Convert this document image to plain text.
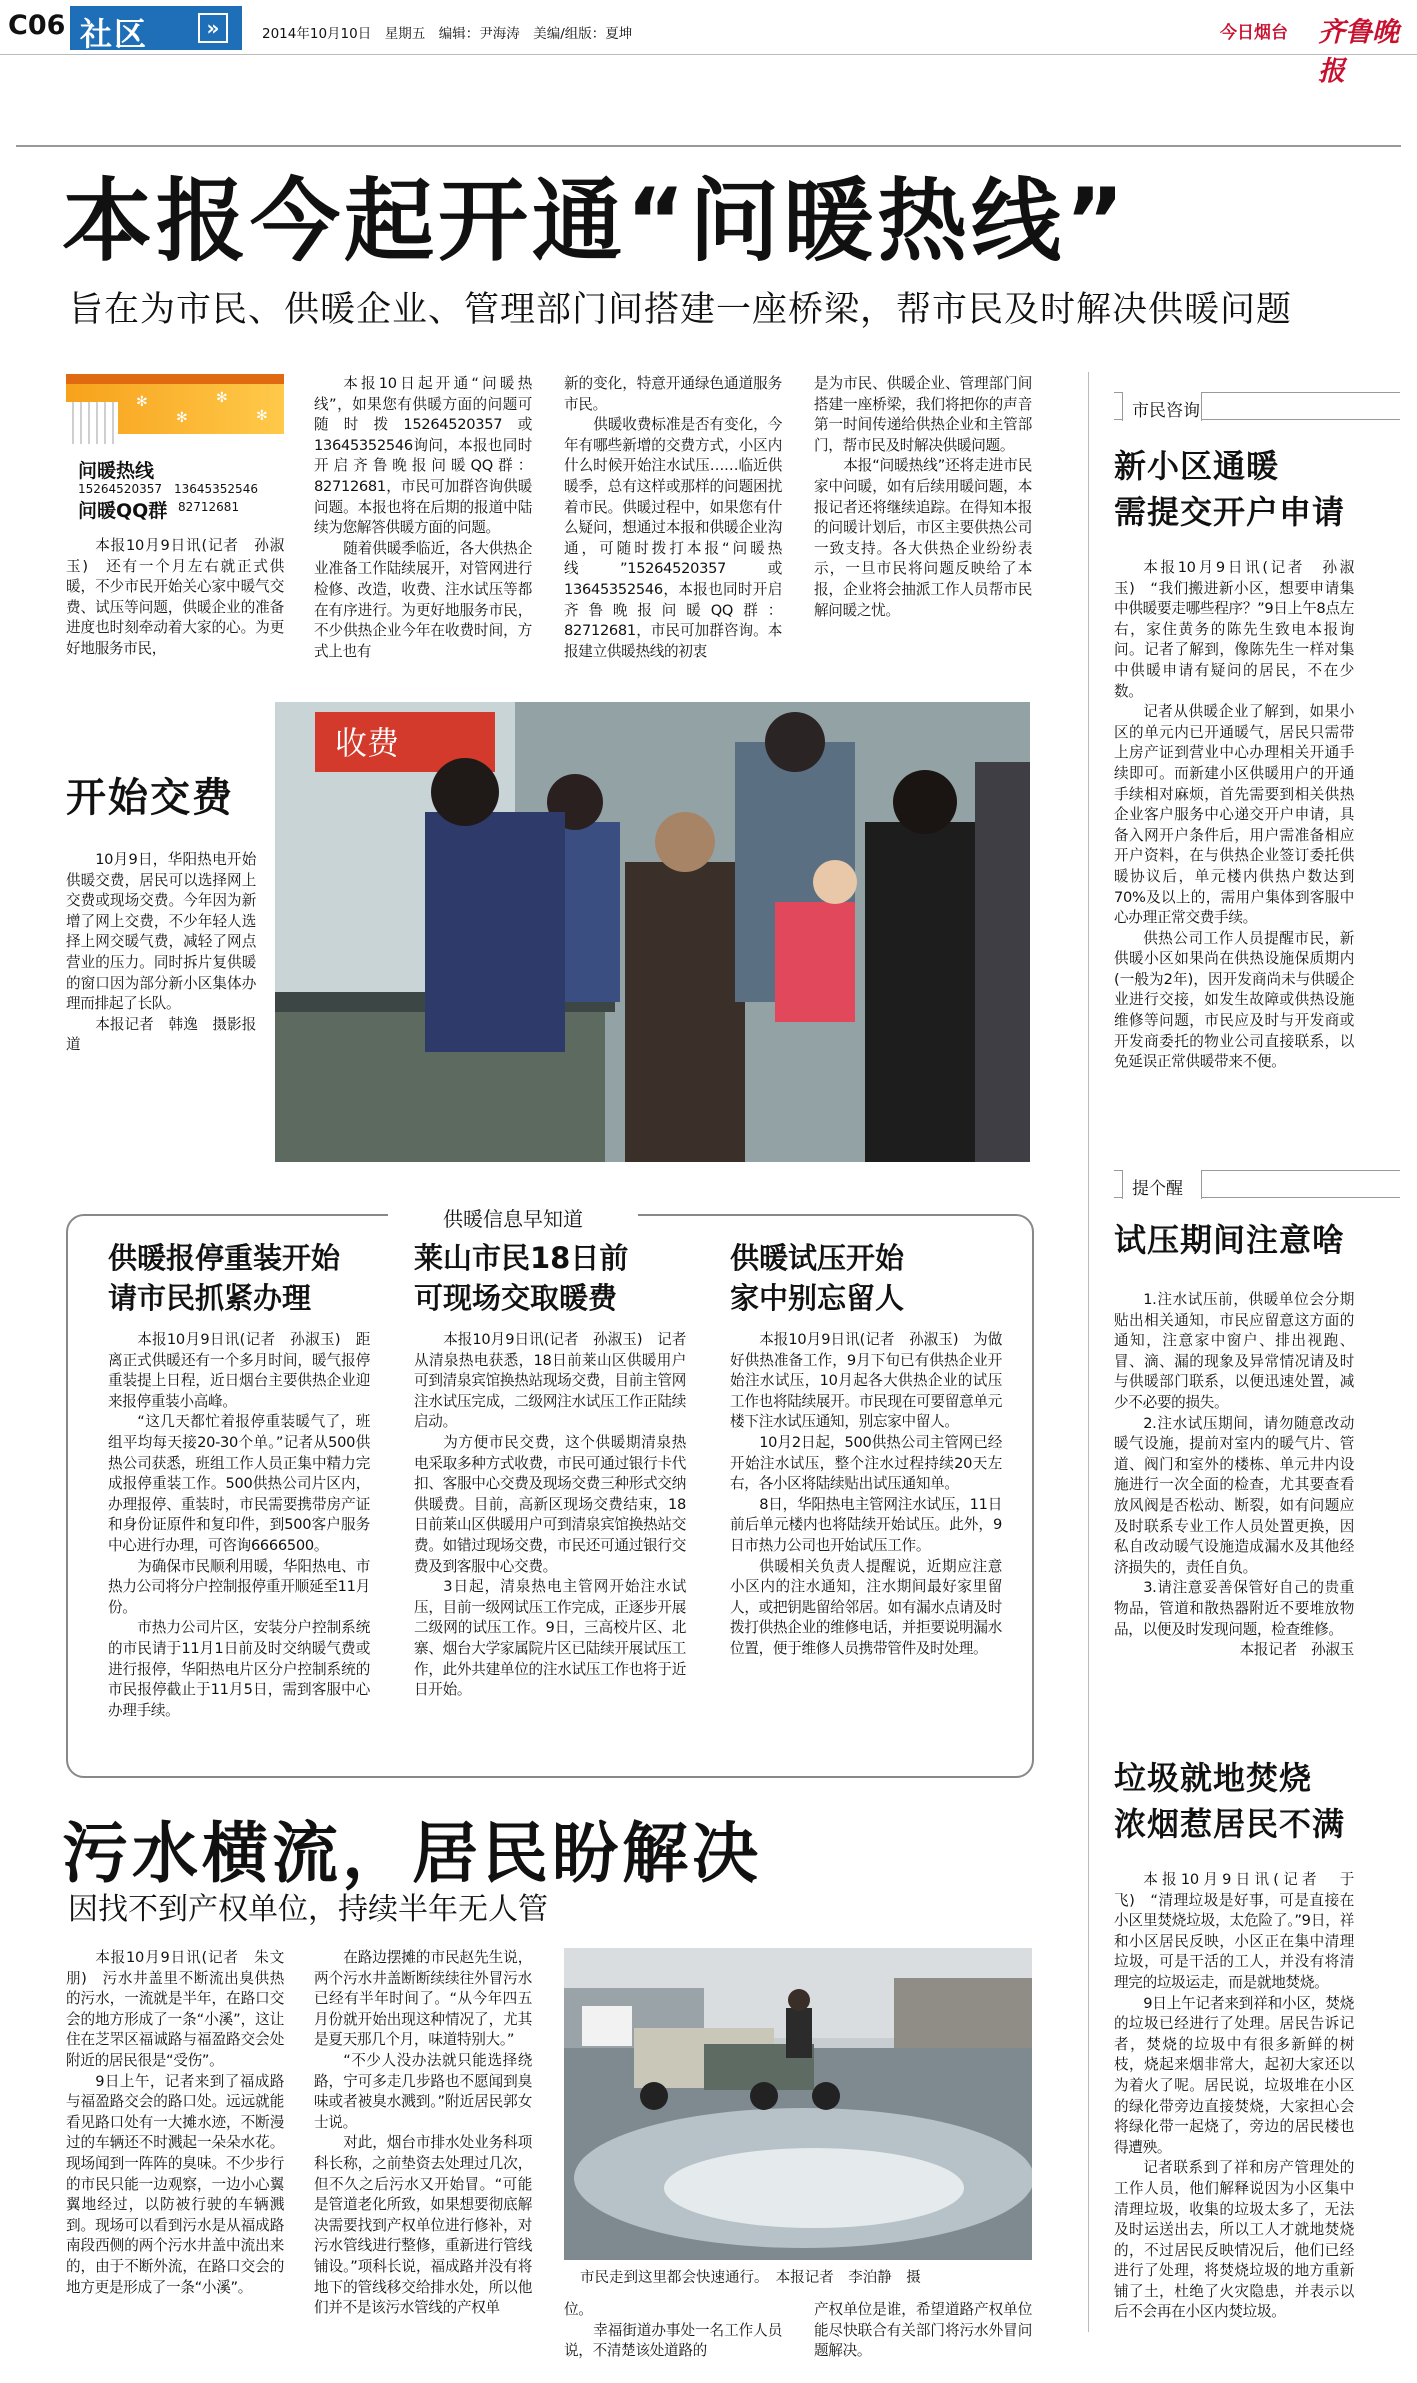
C06 社区	»	2014年10月10日　星期五　编辑：尹海涛　美编/组版：夏坤	今日烟台 齐鲁晚报
本报今起开通“问暖热线”
旨在为市民、供暖企业、管理部门间搭建一座桥梁，帮市民及时解决供暖问题
✻
✻
✻
✻
问暖热线
15264520357　13645352546
问暖QQ群 82712681

本报10月9日讯(记者　孙淑玉)　还有一个月左右就正式供暖，不少市民开始关心家中暖气交费、试压等问题，供暖企业的准备进度也时刻牵动着大家的心。为更好地服务市民，

本报10日起开通“问暖热线”，如果您有供暖方面的问题可随时拨15264520357或13645352546询问，本报也同时开启齐鲁晚报问暖QQ群：82712681，市民可加群咨询供暖问题。本报也将在后期的报道中陆续为您解答供暖方面的问题。

随着供暖季临近，各大供热企业准备工作陆续展开，对管网进行检修、改造，收费、注水试压等都在有序进行。为更好地服务市民，不少供热企业今年在收费时间，方式上也有

新的变化，特意开通绿色通道服务市民。

供暖收费标准是否有变化，今年有哪些新增的交费方式，小区内什么时候开始注水试压……临近供暖季，总有这样或那样的问题困扰着市民。供暖过程中，如果您有什么疑问，想通过本报和供暖企业沟通，可随时拨打本报“问暖热线”15264520357或13645352546，本报也同时开启齐鲁晚报问暖QQ群：82712681，市民可加群咨询。本报建立供暖热线的初衷

是为市民、供暖企业、管理部门间搭建一座桥梁，我们将把你的声音第一时间传递给供热企业和主管部门，帮市民及时解决供暖问题。

本报“问暖热线”还将走进市民家中问暖，如有后续用暖问题，本报记者还将继续追踪。在得知本报的问暖计划后，市区主要供热公司一致支持。各大供热企业纷纷表示，一旦市民将问题反映给了本报，企业将会抽派工作人员帮市民解问暖之忧。

开始交费

10月9日，华阳热电开始供暖交费，居民可以选择网上交费或现场交费。今年因为新增了网上交费，不少年轻人选择上网交暖气费，减轻了网点营业的压力。同时拆片复供暖的窗口因为部分新小区集体办理而排起了长队。

本报记者　韩逸　摄影报道

收费
市民咨询
新小区通暖
需提交开户申请

本报10月9日讯(记者　孙淑玉)　“我们搬进新小区，想要申请集中供暖要走哪些程序？”9日上午8点左右，家住黄务的陈先生致电本报询问。记者了解到，像陈先生一样对集中供暖申请有疑问的居民，不在少数。

记者从供暖企业了解到，如果小区的单元内已开通暖气，居民只需带上房产证到营业中心办理相关开通手续即可。而新建小区供暖用户的开通手续相对麻烦，首先需要到相关供热企业客户服务中心递交开户申请，具备入网开户条件后，用户需准备相应开户资料，在与供热企业签订委托供暖协议后，单元楼内供热户数达到70%及以上的，需用户集体到客服中心办理正常交费手续。

供热公司工作人员提醒市民，新供暖小区如果尚在供热设施保质期内(一般为2年)，因开发商尚未与供暖企业进行交接，如发生故障或供热设施维修等问题，市民应及时与开发商或开发商委托的物业公司直接联系，以免延误正常供暖带来不便。

提个醒
试压期间注意啥

1.注水试压前，供暖单位会分期贴出相关通知，市民应留意这方面的通知，注意家中窗户、排出视跑、冒、滴、漏的现象及异常情况请及时与供暖部门联系，以便迅速处置，减少不必要的损失。

2.注水试压期间，请勿随意改动暖气设施，提前对室内的暖气片、管道、阀门和室外的楼栋、单元井内设施进行一次全面的检查，尤其要查看放风阀是否松动、断裂，如有问题应及时联系专业工作人员处置更换，因私自改动暖气设施造成漏水及其他经济损失的，责任自负。

3.请注意妥善保管好自己的贵重物品，管道和散热器附近不要堆放物品，以便及时发现问题，检查维修。

本报记者　孙淑玉

垃圾就地焚烧
浓烟惹居民不满

本报10月9日讯(记者　于飞)　“清理垃圾是好事，可是直接在小区里焚烧垃圾，太危险了。”9日，祥和小区居民反映，小区正在集中清理垃圾，可是干活的工人，并没有将清理完的垃圾运走，而是就地焚烧。

9日上午记者来到祥和小区，焚烧的垃圾已经进行了处理。居民告诉记者，焚烧的垃圾中有很多新鲜的树枝，烧起来烟非常大，起初大家还以为着火了呢。居民说，垃圾堆在小区的绿化带旁边直接焚烧，大家担心会将绿化带一起烧了，旁边的居民楼也得遭殃。

记者联系到了祥和房产管理处的工作人员，他们解释说因为小区集中清理垃圾，收集的垃圾太多了，无法及时运送出去，所以工人才就地焚烧的，不过居民反映情况后，他们已经进行了处理，将焚烧垃圾的地方重新铺了土，杜绝了火灾隐患，并表示以后不会再在小区内焚垃圾。

供暖信息早知道
供暖报停重装开始
请市民抓紧办理

本报10月9日讯(记者　孙淑玉)　距离正式供暖还有一个多月时间，暖气报停重装提上日程，近日烟台主要供热企业迎来报停重装小高峰。

“这几天都忙着报停重装暖气了，班组平均每天接20-30个单。”记者从500供热公司获悉，班组工作人员正集中精力完成报停重装工作。500供热公司片区内，办理报停、重装时，市民需要携带房产证和身份证原件和复印件，到500客户服务中心进行办理，可咨询6666500。

为确保市民顺利用暖，华阳热电、市热力公司将分户控制报停重开顺延至11月份。

市热力公司片区，安装分户控制系统的市民请于11月1日前及时交纳暖气费或进行报停，华阳热电片区分户控制系统的市民报停截止于11月5日，需到客服中心办理手续。

莱山市民18日前
可现场交取暖费

本报10月9日讯(记者　孙淑玉)　记者从清泉热电获悉，18日前莱山区供暖用户可到清泉宾馆换热站现场交费，目前主管网注水试压完成，二级网注水试压工作正陆续启动。

为方便市民交费，这个供暖期清泉热电采取多种方式收费，市民可通过银行卡代扣、客服中心交费及现场交费三种形式交纳供暖费。目前，高新区现场交费结束，18日前莱山区供暖用户可到清泉宾馆换热站交费。如错过现场交费，市民还可通过银行交费及到客服中心交费。

3日起，清泉热电主管网开始注水试压，目前一级网试压工作完成，正逐步开展二级网的试压工作。9日，三高校片区、北寨、烟台大学家属院片区已陆续开展试压工作，此外共建单位的注水试压工作也将于近日开始。

供暖试压开始
家中别忘留人

本报10月9日讯(记者　孙淑玉)　为做好供热准备工作，9月下旬已有供热企业开始注水试压，10月起各大供热企业的试压工作也将陆续展开。市民现在可要留意单元楼下注水试压通知，别忘家中留人。

10月2日起，500供热公司主管网已经开始注水试压，整个注水过程持续20天左右，各小区将陆续贴出试压通知单。

8日，华阳热电主管网注水试压，11日前后单元楼内也将陆续开始试压。此外，9日市热力公司也开始试压工作。

供暖相关负责人提醒说，近期应注意小区内的注水通知，注水期间最好家里留人，或把钥匙留给邻居。如有漏水点请及时拨打供热企业的维修电话，并拒要说明漏水位置，便于维修人员携带管件及时处理。

污水横流，居民盼解决
因找不到产权单位，持续半年无人管

本报10月9日讯(记者　朱文朋)　污水井盖里不断流出臭供热的污水，一流就是半年，在路口交会的地方形成了一条“小溪”，这让住在芝罘区福诚路与福盈路交会处附近的居民很是“受伤”。

9日上午，记者来到了福成路与福盈路交会的路口处。远远就能看见路口处有一大摊水迹，不断漫过的车辆还不时溅起一朵朵水花。现场闻到一阵阵的臭味。不少步行的市民只能一边观察，一边小心翼翼地经过，以防被行驶的车辆溅到。现场可以看到污水是从福成路南段西侧的两个污水井盖中流出来的，由于不断外流，在路口交会的地方更是形成了一条“小溪”。

在路边摆摊的市民赵先生说，两个污水井盖断断续续往外冒污水已经有半年时间了。“从今年四五月份就开始出现这种情况了，尤其是夏天那几个月，味道特别大。”

“不少人没办法就只能选择绕路，宁可多走几步路也不愿闻到臭味或者被臭水溅到。”附近居民郭女士说。

对此，烟台市排水处业务科项科长称，之前垫资去处理过几次，但不久之后污水又开始冒。“可能是管道老化所致，如果想要彻底解决需要找到产权单位进行修补，对污水管线进行整修，重新进行管线铺设。”项科长说，福成路并没有将地下的管线移交给排水处，所以他们并不是该污水管线的产权单

市民走到这里都会快速通行。　本报记者　李泊静　摄

位。

幸福街道办事处一名工作人员说，不清楚该处道路的

产权单位是谁，希望道路产权单位能尽快联合有关部门将污水外冒问题解决。
